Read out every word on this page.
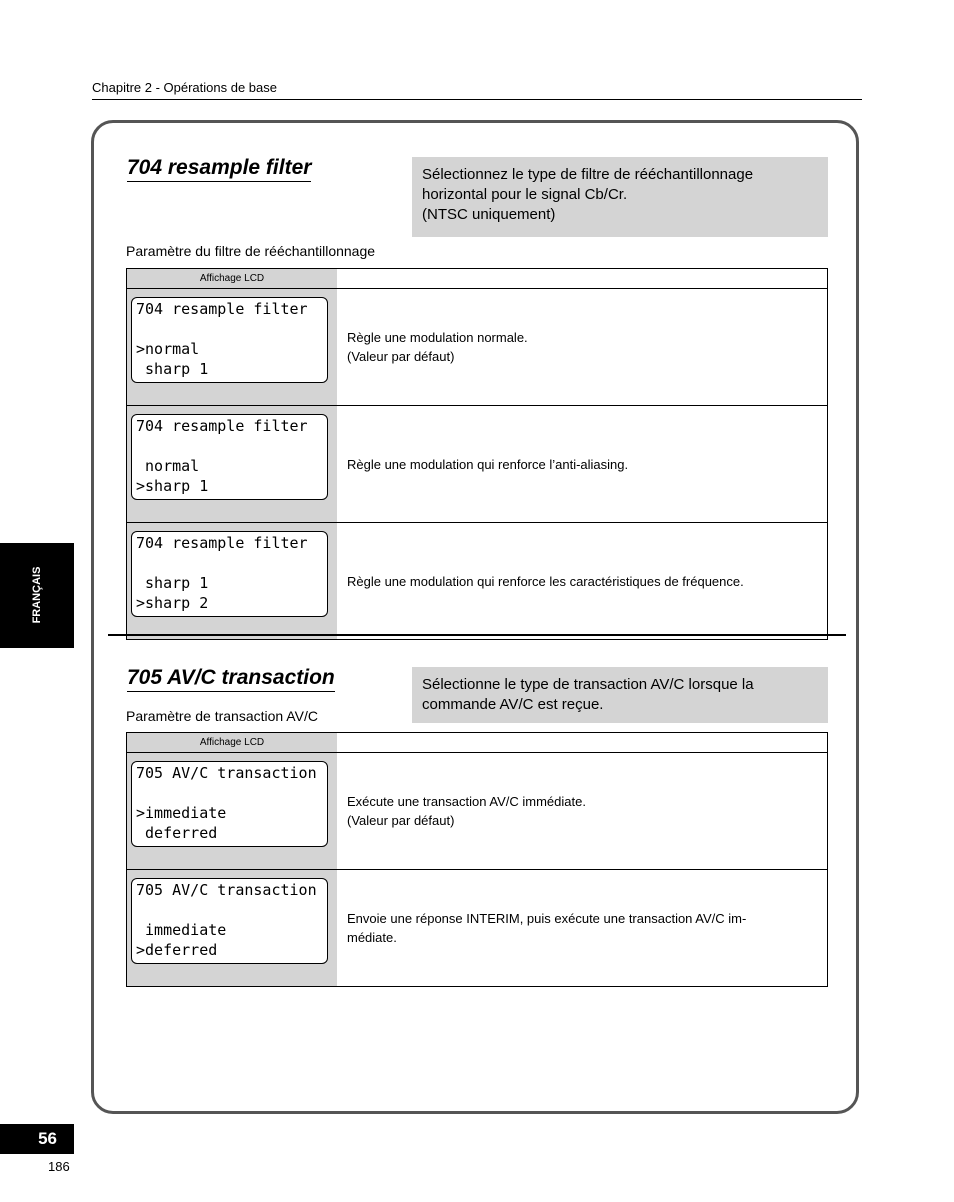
Chapitre 2 - Opérations de base
704 resample filter	Sélectionnez le type de filtre de rééchantillonnage
horizontal pour le signal Cb/Cr.
(NTSC uniquement)
Paramètre du filtre de rééchantillonnage
Affichage LCD	

704 resample filter
>normal
sharp 1	Règle une modulation normale.
(Valeur par défaut)

704 resample filter
normal
>sharp 1	Règle une modulation qui renforce l’anti-aliasing.

704 resample filter
sharp 1
>sharp 2	Règle une modulation qui renforce les caractéristiques de fréquence.
705 AV/C transaction	Sélectionne le type de transaction AV/C lorsque la
commande AV/C est reçue.
Paramètre de transaction AV/C
Affichage LCD	

705 AV/C transaction
>immediate
deferred	Exécute une transaction AV/C immédiate.
(Valeur par défaut)

705 AV/C transaction
immediate
>deferred	Envoie une réponse INTERIM, puis exécute une transaction AV/C im-
médiate.
FRANÇAIS
56
186
